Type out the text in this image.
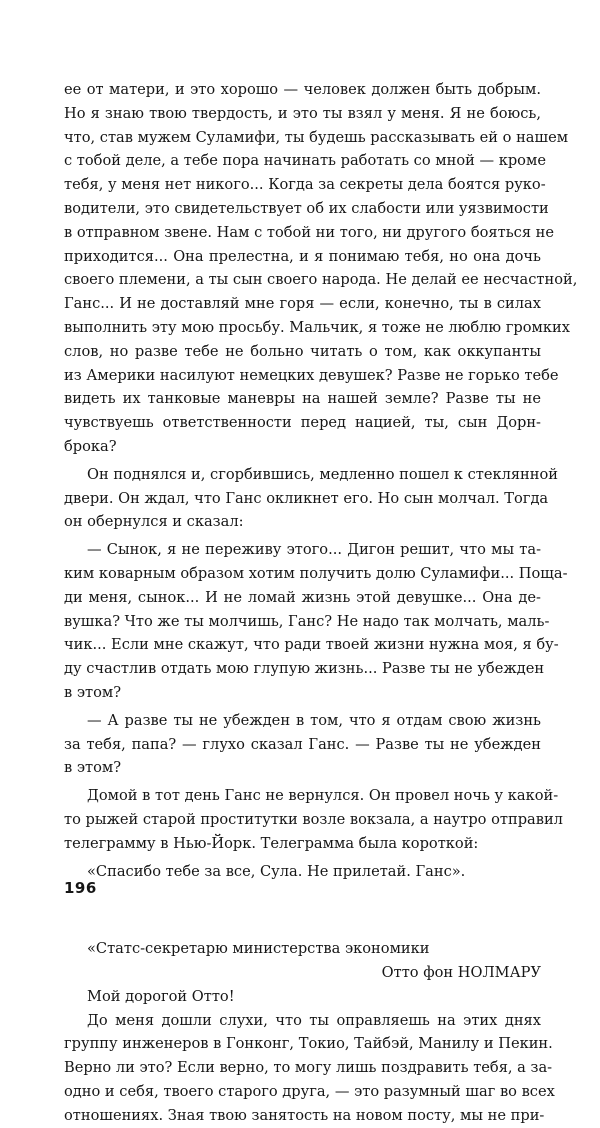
ее от матери, и это хорошо — человек должен быть добрым.
Но я знаю твою твердость, и это ты взял у меня. Я не боюсь,
что, став мужем Суламифи, ты будешь рассказывать ей о нашем
с тобой деле, а тебе пора начинать работать со мной — кроме
тебя, у меня нет никого... Когда за секреты дела боятся руко-
водители, это свидетельствует об их слабости или уязвимости
в отправном звене. Нам с тобой ни того, ни другого бояться не
приходится... Она прелестна, и я понимаю тебя, но она дочь
своего племени, а ты сын своего народа. Не делай ее несчастной,
Ганс... И не доставляй мне горя — если, конечно, ты в силах
выполнить эту мою просьбу. Мальчик, я тоже не люблю громких
слов, но разве тебе не больно читать о том, как оккупанты
из Америки насилуют немецких девушек? Разве не горько тебе
видеть их танковые маневры на нашей земле? Разве ты не
чувствуешь ответственности перед нацией, ты, сын Дорн-
брока?
Он поднялся и, сгорбившись, медленно пошел к стеклянной
двери. Он ждал, что Ганс окликнет его. Но сын молчал. Тогда
он обернулся и сказал:
— Сынок, я не переживу этого... Дигон решит, что мы та-
ким коварным образом хотим получить долю Суламифи... Поща-
ди меня, сынок... И не ломай жизнь этой девушке... Она де-
вушка? Что же ты молчишь, Ганс? Не надо так молчать, маль-
чик... Если мне скажут, что ради твоей жизни нужна моя, я бу-
ду счастлив отдать мою глупую жизнь... Разве ты не убежден
в этом?
— А разве ты не убежден в том, что я отдам свою жизнь
за тебя, папа? — глухо сказал Ганс. — Разве ты не убежден
в этом?
Домой в тот день Ганс не вернулся. Он провел ночь у какой-
то рыжей старой проститутки возле вокзала, а наутро отправил
телеграмму в Нью-Йорк. Телеграмма была короткой:
«Спасибо тебе за все, Сула. Не прилетай. Ганс».

«Статс-секретарю министерства экономики

Отто фон НОЛМАРУ

Мой дорогой Отто!

До меня дошли слухи, что ты оправляешь на этих днях
группу инженеров в Гонконг, Токио, Тайбэй, Манилу и Пекин.
Верно ли это? Если верно, то могу лишь поздравить тебя, а за-
одно и себя, твоего старого друга, — это разумный шаг во всех
отношениях. Зная твою занятость на новом посту, мы не при-
196
